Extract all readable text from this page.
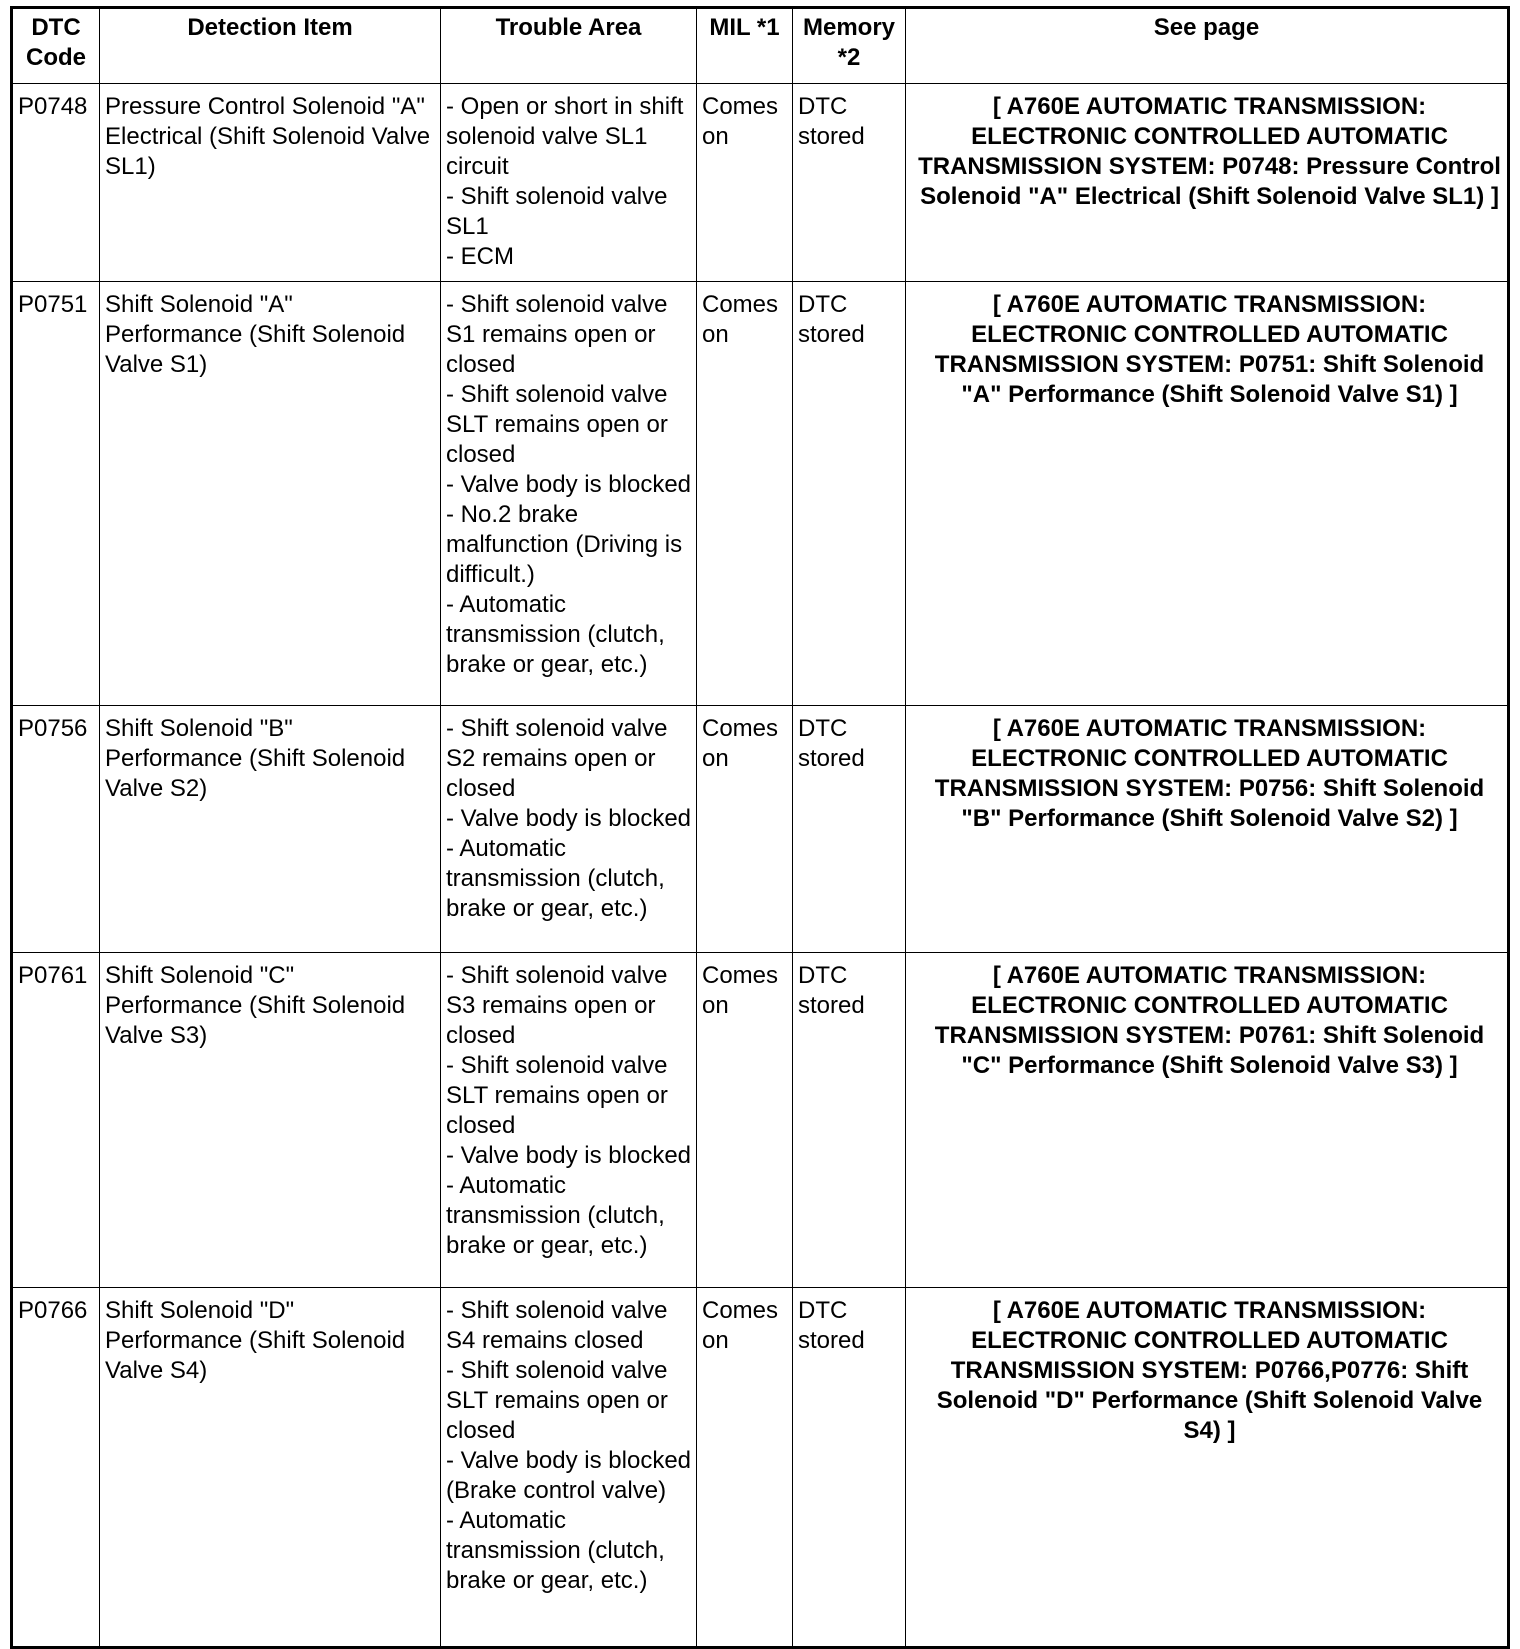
DTC Code	Detection Item	Trouble Area	MIL *1	Memory *2	See page
P0748	Pressure Control Solenoid "A" Electrical (Shift Solenoid Valve SL1)	- Open or short in shift solenoid valve SL1 circuit
- Shift solenoid valve SL1
- ECM	Comes on	DTC stored	[ A760E AUTOMATIC TRANSMISSION: ELECTRONIC CONTROLLED AUTOMATIC TRANSMISSION SYSTEM: P0748: Pressure Control Solenoid "A" Electrical (Shift Solenoid Valve SL1) ]
P0751	Shift Solenoid "A" Performance (Shift Solenoid Valve S1)	- Shift solenoid valve S1 remains open or closed
- Shift solenoid valve SLT remains open or closed
- Valve body is blocked
- No.2 brake malfunction (Driving is difficult.)
- Automatic transmission (clutch, brake or gear, etc.)	Comes on	DTC stored	[ A760E AUTOMATIC TRANSMISSION: ELECTRONIC CONTROLLED AUTOMATIC TRANSMISSION SYSTEM: P0751: Shift Solenoid "A" Performance (Shift Solenoid Valve S1) ]
P0756	Shift Solenoid "B" Performance (Shift Solenoid Valve S2)	- Shift solenoid valve S2 remains open or closed
- Valve body is blocked
- Automatic transmission (clutch, brake or gear, etc.)	Comes on	DTC stored	[ A760E AUTOMATIC TRANSMISSION: ELECTRONIC CONTROLLED AUTOMATIC TRANSMISSION SYSTEM: P0756: Shift Solenoid "B" Performance (Shift Solenoid Valve S2) ]
P0761	Shift Solenoid "C" Performance (Shift Solenoid Valve S3)	- Shift solenoid valve S3 remains open or closed
- Shift solenoid valve SLT remains open or closed
- Valve body is blocked
- Automatic transmission (clutch, brake or gear, etc.)	Comes on	DTC stored	[ A760E AUTOMATIC TRANSMISSION: ELECTRONIC CONTROLLED AUTOMATIC TRANSMISSION SYSTEM: P0761: Shift Solenoid "C" Performance (Shift Solenoid Valve S3) ]
P0766	Shift Solenoid "D" Performance (Shift Solenoid Valve S4)	- Shift solenoid valve S4 remains closed
- Shift solenoid valve SLT remains open or closed
- Valve body is blocked (Brake control valve)
- Automatic transmission (clutch, brake or gear, etc.)	Comes on	DTC stored	[ A760E AUTOMATIC TRANSMISSION: ELECTRONIC CONTROLLED AUTOMATIC TRANSMISSION SYSTEM: P0766,P0776: Shift Solenoid "D" Performance (Shift Solenoid Valve S4) ]
